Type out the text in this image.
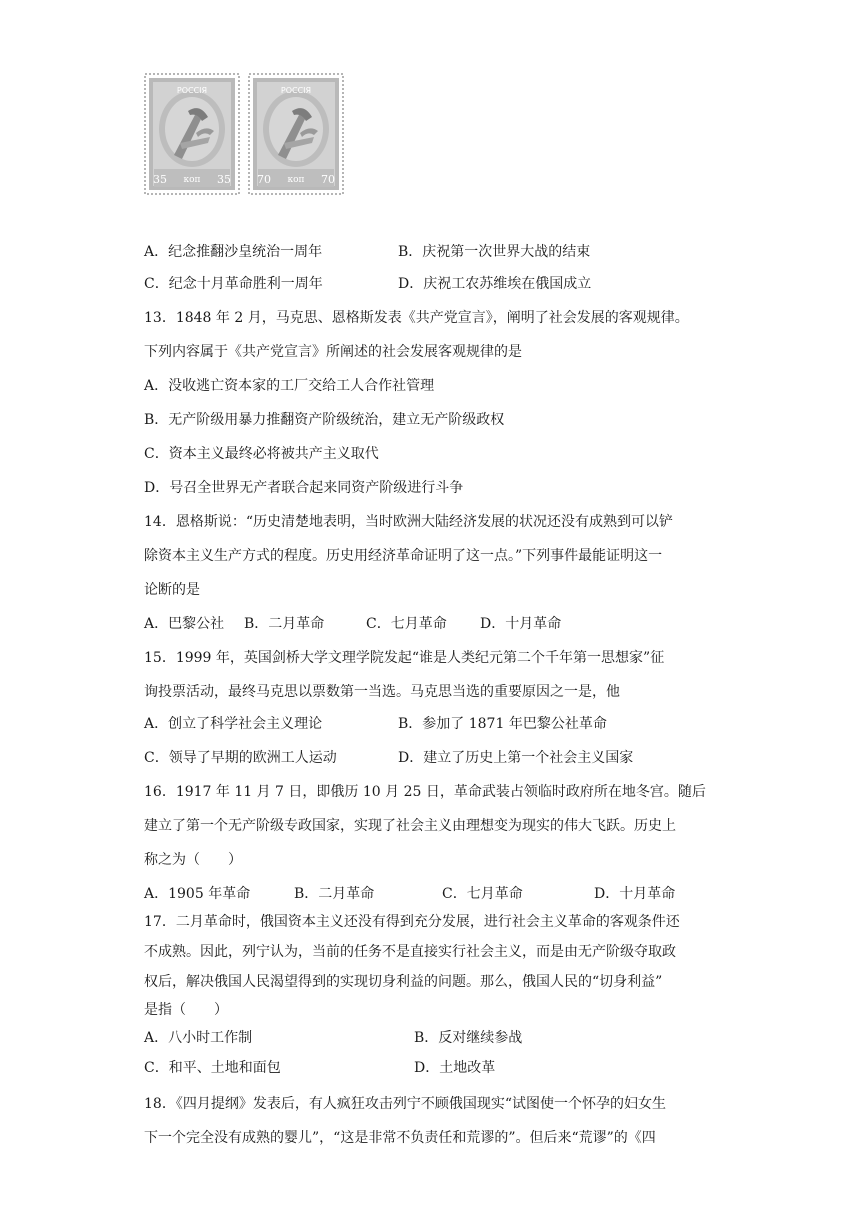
РОССIЯ
35 коп 35
РОССIЯ
70 коп 70
A．纪念推翻沙皇统治一周年	B．庆祝第一次世界大战的结束
C．纪念十月革命胜利一周年	D．庆祝工农苏维埃在俄国成立
13．1848 年 2 月，马克思、恩格斯发表《共产党宣言》，阐明了社会发展的客观规律。
下列内容属于《共产党宣言》所阐述的社会发展客观规律的是
A．没收逃亡资本家的工厂交给工人合作社管理
B．无产阶级用暴力推翻资产阶级统治，建立无产阶级政权
C．资本主义最终必将被共产主义取代
D．号召全世界无产者联合起来同资产阶级进行斗争
14．恩格斯说：“历史清楚地表明，当时欧洲大陆经济发展的状况还没有成熟到可以铲
除资本主义生产方式的程度。历史用经济革命证明了这一点。”下列事件最能证明这一
论断的是
A．巴黎公社 B．二月革命	C．七月革命 D．十月革命
15．1999 年，英国剑桥大学文理学院发起“谁是人类纪元第二个千年第一思想家”征
询投票活动，最终马克思以票数第一当选。马克思当选的重要原因之一是，他
A．创立了科学社会主义理论	B．参加了 1871 年巴黎公社革命
C．领导了早期的欧洲工人运动	D．建立了历史上第一个社会主义国家
16．1917 年 11 月 7 日，即俄历 10 月 25 日，革命武装占领临时政府所在地冬宫。随后
建立了第一个无产阶级专政国家，实现了社会主义由理想变为现实的伟大飞跃。历史上
称之为（　　）
A．1905 年革命	B．二月革命	C．七月革命	D．十月革命
17．二月革命时，俄国资本主义还没有得到充分发展，进行社会主义革命的客观条件还
不成熟。因此，列宁认为，当前的任务不是直接实行社会主义，而是由无产阶级夺取政
权后，解决俄国人民渴望得到的实现切身利益的问题。那么，俄国人民的“切身利益”
是指（　　）
A．八小时工作制	B．反对继续参战
C．和平、土地和面包	D．土地改革
18．《四月提纲》发表后，有人疯狂攻击列宁不顾俄国现实“试图使一个怀孕的妇女生
下一个完全没有成熟的婴儿”，“这是非常不负责任和荒谬的”。但后来“荒谬”的《四
